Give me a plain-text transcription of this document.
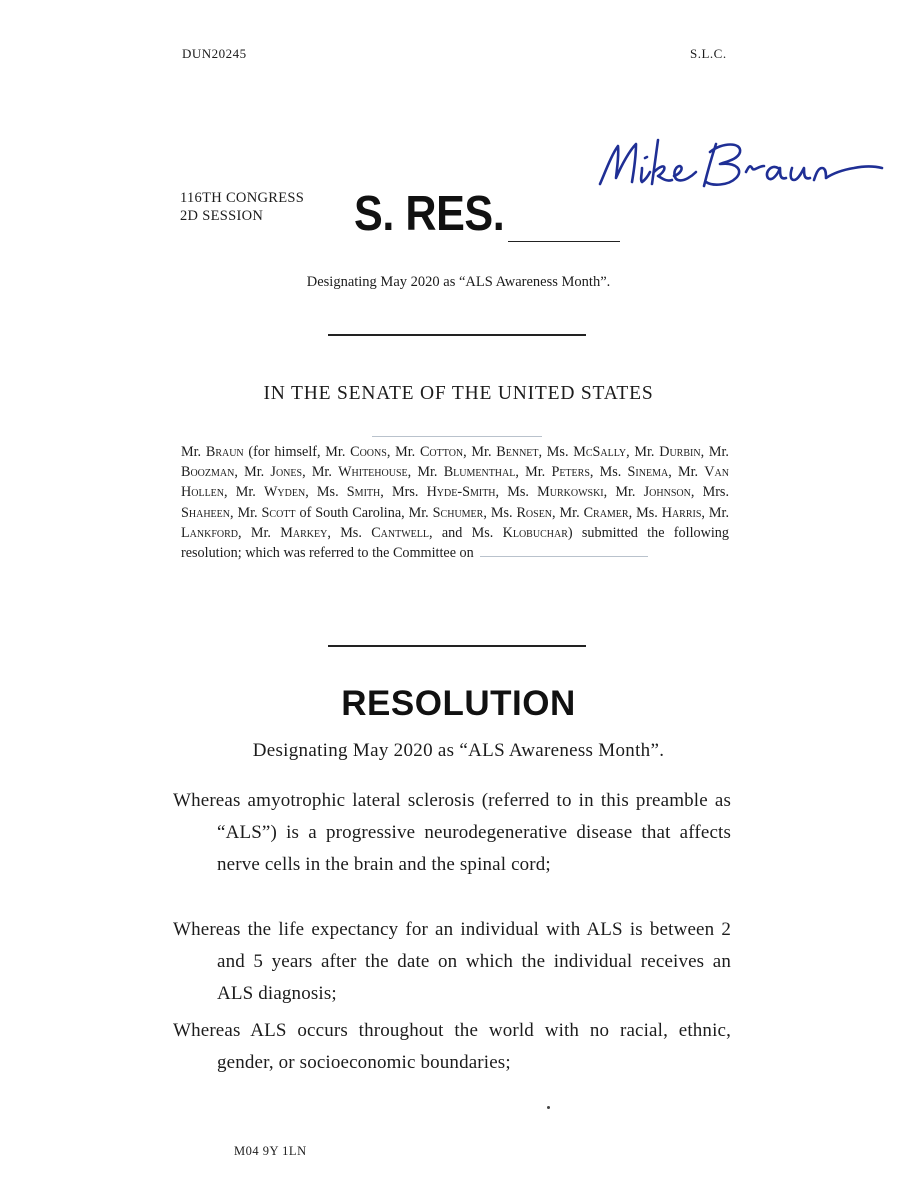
DUN20245	S.L.C.
116TH CONGRESS
2D SESSION	S. RES.
Designating May 2020 as “ALS Awareness Month”.
IN THE SENATE OF THE UNITED STATES

Mr. Braun (for himself, Mr. Coons, Mr. Cotton, Mr. Bennet, Ms. McSally, Mr. Durbin, Mr. Boozman, Mr. Jones, Mr. Whitehouse, Mr. Blumenthal, Mr. Peters, Ms. Sinema, Mr. Van Hollen, Mr. Wyden, Ms. Smith, Mrs. Hyde-Smith, Ms. Murkowski, Mr. Johnson, Mrs. Shaheen, Mr. Scott of South Carolina, Mr. Schumer, Ms. Rosen, Mr. Cramer, Ms. Harris, Mr. Lankford, Mr. Markey, Ms. Cantwell, and Ms. Klobuchar) submitted the following resolution; which was referred to the Committee on

RESOLUTION
Designating May 2020 as “ALS Awareness Month”.

Whereas amyotrophic lateral sclerosis (referred to in this preamble as “ALS”) is a progressive neurodegenerative disease that affects nerve cells in the brain and the spinal cord;

Whereas the life expectancy for an individual with ALS is between 2 and 5 years after the date on which the individual receives an ALS diagnosis;

Whereas ALS occurs throughout the world with no racial, ethnic, gender, or socioeconomic boundaries;

M04 9Y 1LN
